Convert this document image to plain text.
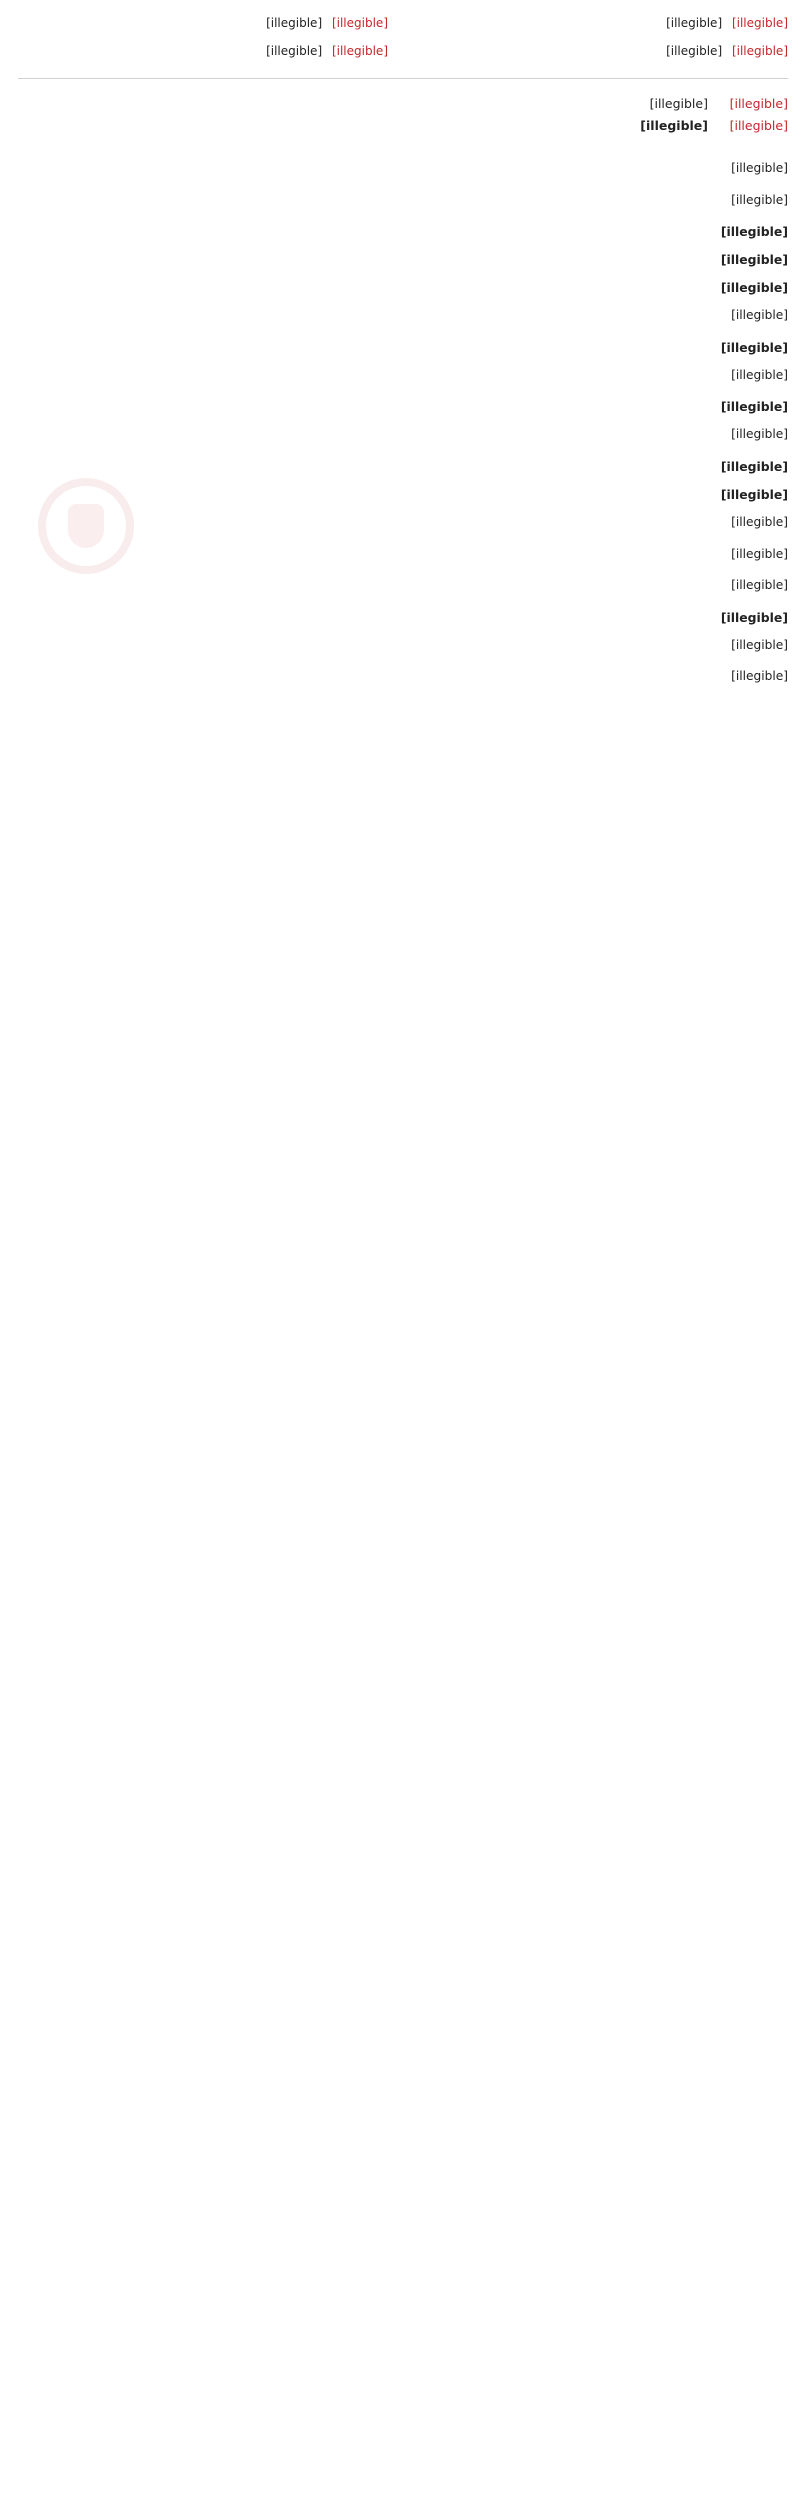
[illegible] [illegible]
[illegible] [illegible]
[illegible] [illegible]
[illegible] [illegible]
[illegible]
[illegible]
[illegible]
[illegible]

[illegible]

[illegible]

[illegible]
[illegible]
[illegible]

[illegible]

[illegible]

[illegible]

[illegible]

[illegible]

[illegible]
[illegible]

[illegible]

[illegible]

[illegible]

[illegible]

[illegible]

[illegible]
